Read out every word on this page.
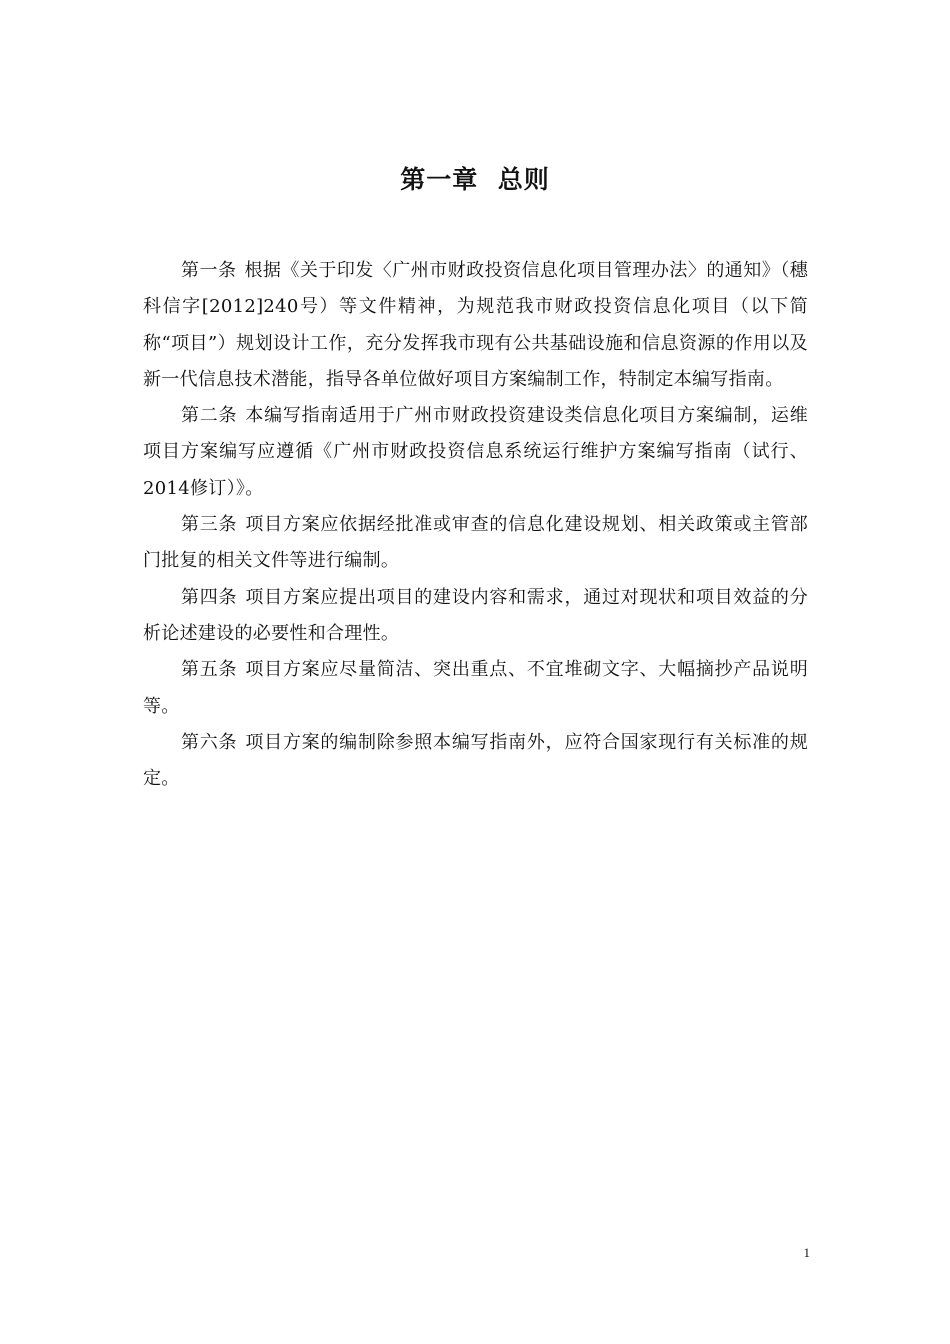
第一章  总则

第一条 根据《关于印发〈广州市财政投资信息化项目管理办法〉的通知》（穗科信字[2012]240号）等文件精神，为规范我市财政投资信息化项目（以下简称“项目”）规划设计工作，充分发挥我市现有公共基础设施和信息资源的作用以及新一代信息技术潜能，指导各单位做好项目方案编制工作，特制定本编写指南。

第二条 本编写指南适用于广州市财政投资建设类信息化项目方案编制，运维项目方案编写应遵循《广州市财政投资信息系统运行维护方案编写指南（试行、2014修订）》。

第三条 项目方案应依据经批准或审查的信息化建设规划、相关政策或主管部门批复的相关文件等进行编制。

第四条 项目方案应提出项目的建设内容和需求，通过对现状和项目效益的分析论述建设的必要性和合理性。

第五条 项目方案应尽量简洁、突出重点、不宜堆砌文字、大幅摘抄产品说明等。

第六条 项目方案的编制除参照本编写指南外，应符合国家现行有关标准的规定。

1
